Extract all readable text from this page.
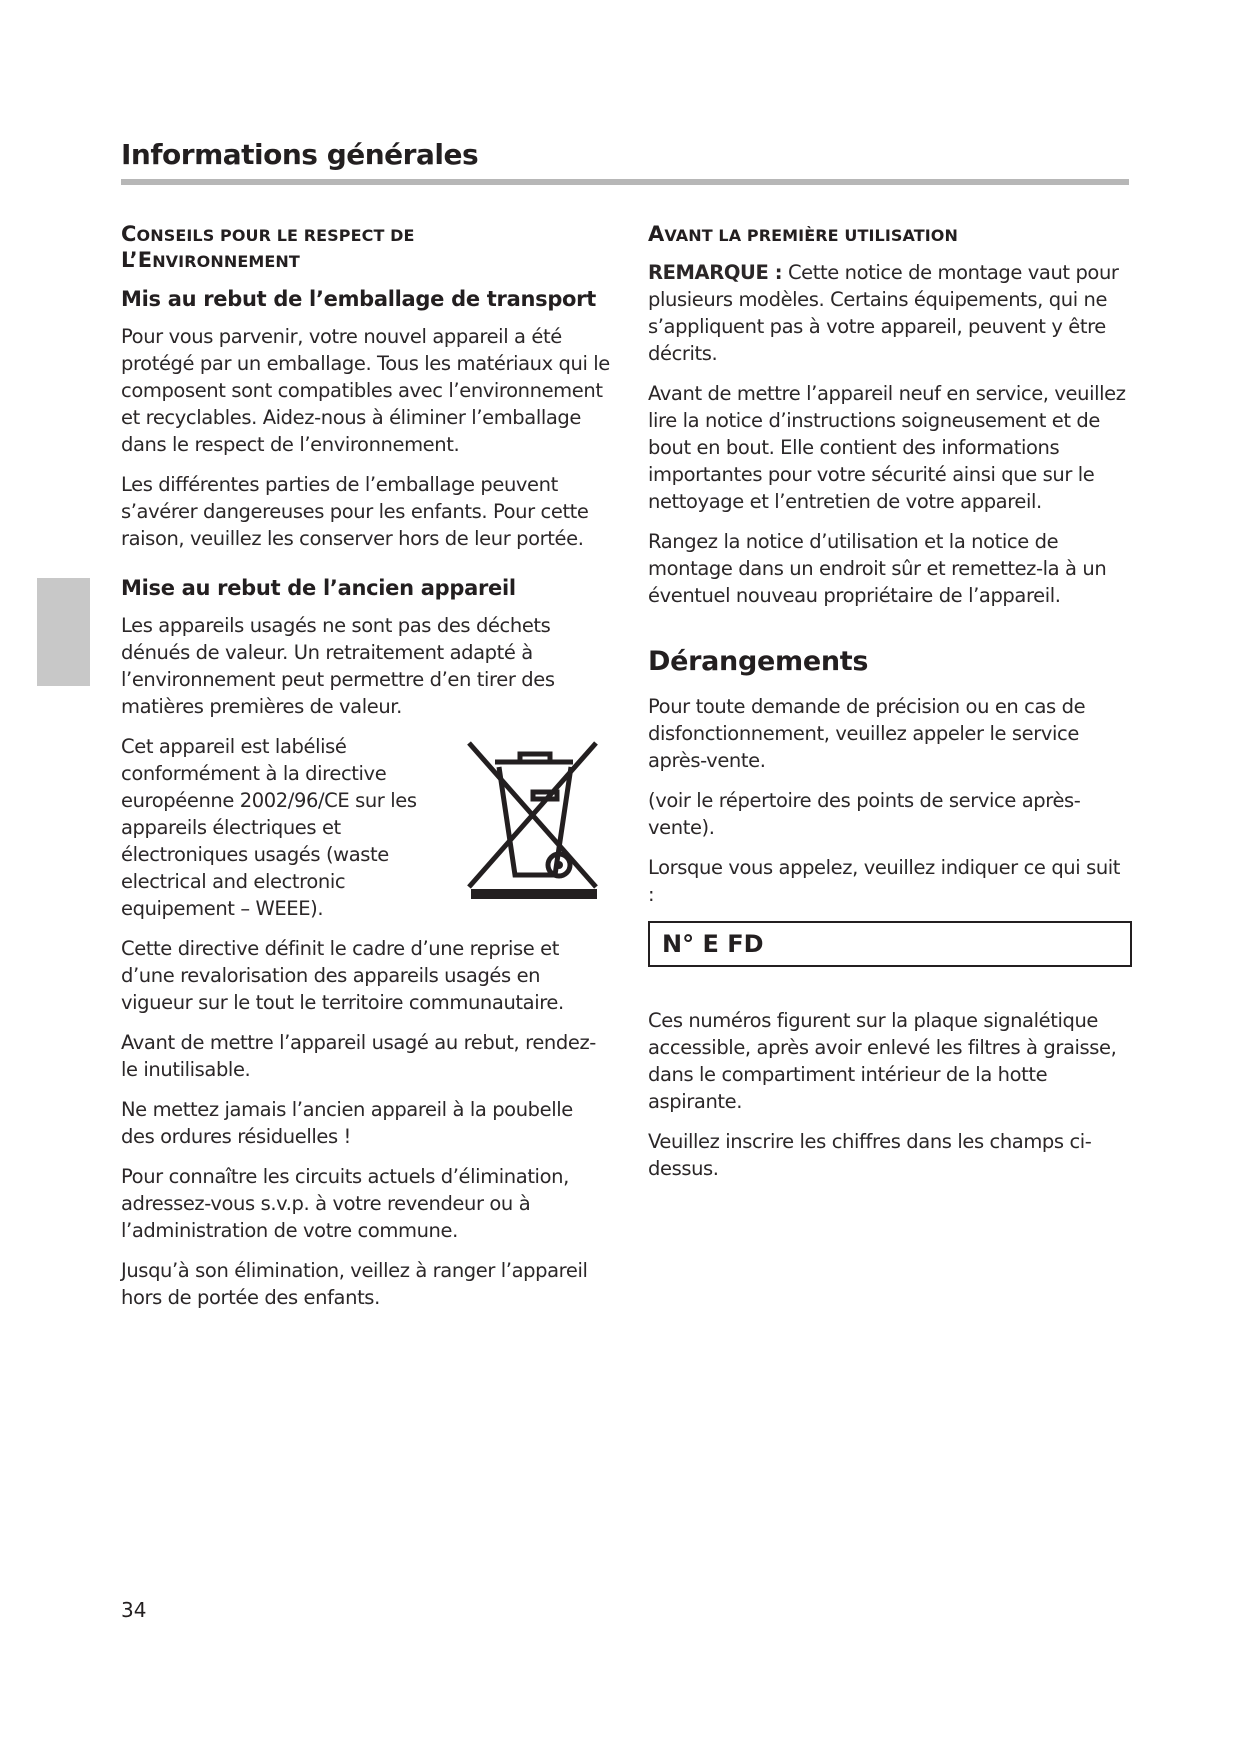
Informations générales
CONSEILS POUR LE RESPECT DE
L’ENVIRONNEMENT
Mis au rebut de l’emballage de transport

Pour vous parvenir, votre nouvel appareil a été protégé par un emballage. Tous les matériaux qui le composent sont compatibles avec l’environnement et recyclables. Aidez-nous à éliminer l’emballage dans le respect de l’environnement.

Les différentes parties de l’emballage peuvent s’avérer dangereuses pour les enfants. Pour cette raison, veuillez les conserver hors de leur portée.

Mise au rebut de l’ancien appareil

Les appareils usagés ne sont pas des déchets dénués de valeur. Un retraitement adapté à l’environnement peut permettre d’en tirer des matières premières de valeur.

Cet appareil est labélisé conformément à la directive européenne 2002/96/CE sur les appareils électriques et électroniques usagés (waste electrical and electronic equipement – WEEE).

Cette directive définit le cadre d’une reprise et d’une revalorisation des appareils usagés en vigueur sur le tout le territoire communautaire.

Avant de mettre l’appareil usagé au rebut, rendez-le inutilisable.

Ne mettez jamais l’ancien appareil à la poubelle des ordures résiduelles !

Pour connaître les circuits actuels d’élimination, adressez-vous s.v.p. à votre revendeur ou à l’administration de votre commune.

Jusqu’à son élimination, veillez à ranger l’appareil hors de portée des enfants.

AVANT LA PREMIÈRE UTILISATION

REMARQUE : Cette notice de montage vaut pour plusieurs modèles. Certains équipements, qui ne s’appliquent pas à votre appareil, peuvent y être décrits.

Avant de mettre l’appareil neuf en service, veuillez lire la notice d’instructions soigneusement et de bout en bout. Elle contient des informations importantes pour votre sécurité ainsi que sur le nettoyage et l’entretien de votre appareil.

Rangez la notice d’utilisation et la notice de montage dans un endroit sûr et remettez-la à un éventuel nouveau propriétaire de l’appareil.

Dérangements

Pour toute demande de précision ou en cas de disfonctionnement, veuillez appeler le service après-vente.

(voir le répertoire des points de service après-vente).

Lorsque vous appelez, veuillez indiquer ce qui suit :

N° E FD

Ces numéros figurent sur la plaque signalétique accessible, après avoir enlevé les filtres à graisse, dans le compartiment intérieur de la hotte aspirante.

Veuillez inscrire les chiffres dans les champs ci-dessus.

34
